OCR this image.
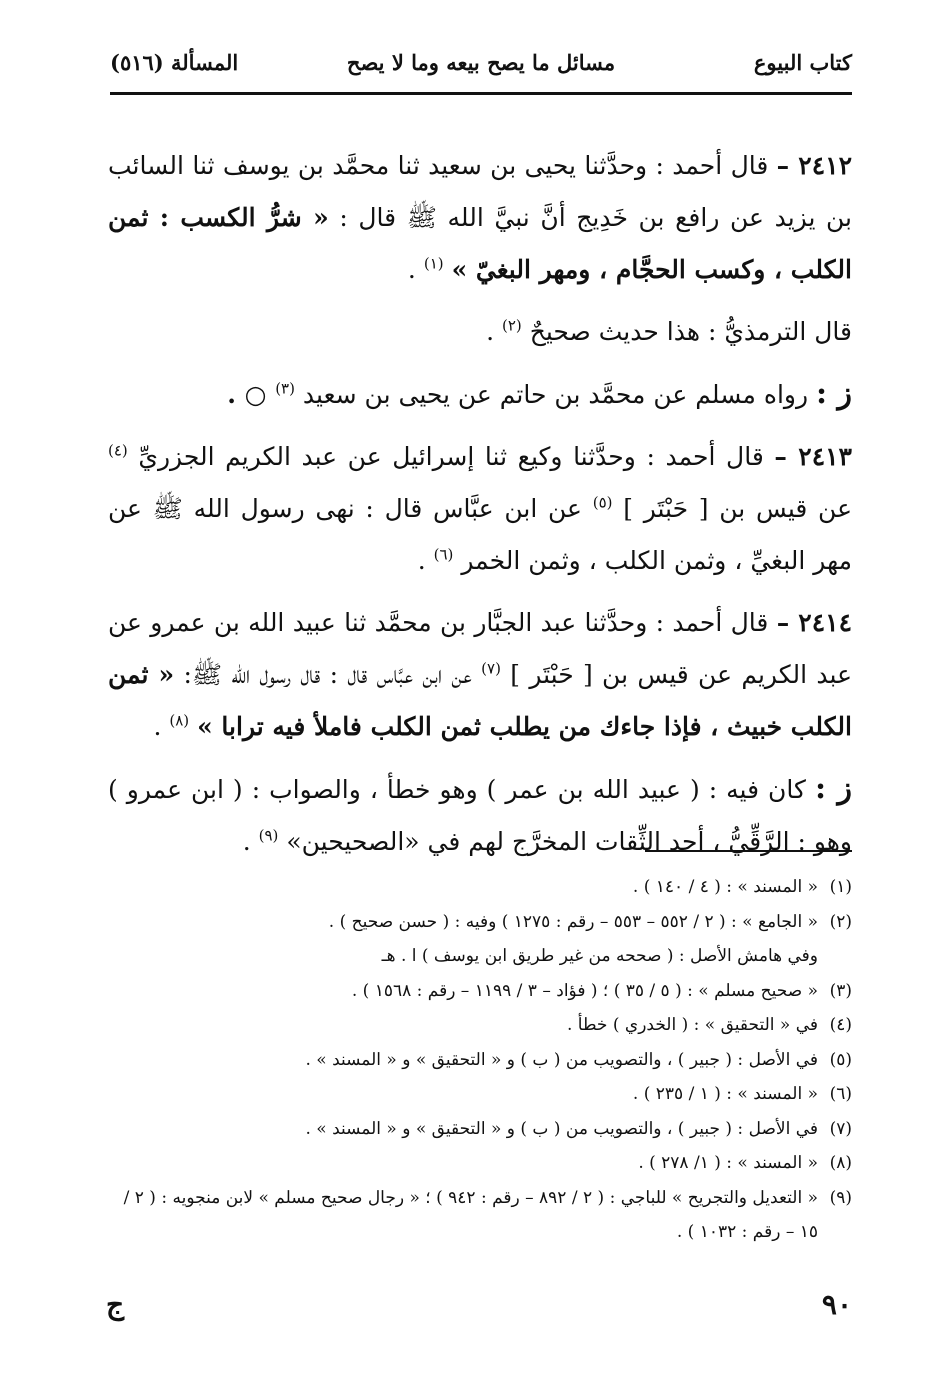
كتاب البيوع
مسائل ما يصح بيعه وما لا يصح
المسألة (٥١٦)

٢٤١٢ – قال أحمد : وحدَّثنا يحيى بن سعيد ثنا محمَّد بن يوسف ثنا السائب بن يزيد عن رافع بن خَدِيج أنَّ نبيَّ الله ﷺ قال : « شرُّ الكسب : ثمن الكلب ، وكسب الحجَّام ، ومهر البغيّ » $^{(١)}$ .

قال الترمذيُّ : هذا حديث صحيحٌ $^{(٢)}$ .

ز : رواه مسلم عن محمَّد بن حاتم عن يحيى بن سعيد $^{(٣)}$ ○ .

٢٤١٣ – قال أحمد : وحدَّثنا وكيع ثنا إسرائيل عن عبد الكريم الجزريِّ $^{(٤)}$ عن قيس بن [ حَبْتَر ] $^{(٥)}$ عن ابن عبَّاس قال : نهى رسول الله ﷺ عن مهر البغيِّ ، وثمن الكلب ، وثمن الخمر $^{(٦)}$ .

٢٤١٤ – قال أحمد : وحدَّثنا عبد الجبَّار بن محمَّد ثنا عبيد الله بن عمرو عن عبد الكريم عن قيس بن [ حَبْتَر ] $^{(٧)}$ عن ابن عبَّاس قال : قال رسول الله ﷺ: « ثمن الكلب خبيث ، فإذا جاءك من يطلب ثمن الكلب فاملأ فيه ترابا » $^{(٨)}$ .

ز : كان فيه : ( عبيد الله بن عمر ) وهو خطأ ، والصواب : ( ابن عمرو ) وهو : الرَّقِّيُّ ، أحد الثِّقات المخرَّج لهم في «الصحيحين» $^{(٩)}$ .

(١)
« المسند » : ( ٤ / ١٤٠ ) .

(٢)
« الجامع » : ( ٢ / ٥٥٢ – ٥٥٣ – رقم : ١٢٧٥ ) وفيه : ( حسن صحيح ) .

وفي هامش الأصل : ( صححه من غير طريق ابن يوسف ) ا . هـ

(٣)
« صحيح مسلم » : ( ٥ / ٣٥ ) ؛ ( فؤاد – ٣ / ١١٩٩ – رقم : ١٥٦٨ ) .

(٤)
في « التحقيق » : ( الخدري ) خطأ .

(٥)
في الأصل : ( جبير ) ، والتصويب من ( ب ) و « التحقيق » و « المسند » .

(٦)
« المسند » : ( ١ / ٢٣٥ ) .

(٧)
في الأصل : ( جبير ) ، والتصويب من ( ب ) و « التحقيق » و « المسند » .

(٨)
« المسند » : ( ١/ ٢٧٨ ) .

(٩)
« التعديل والتجريح » للباجي : ( ٢ / ٨٩٢ – رقم : ٩٤٢ ) ؛ « رجال صحيح مسلم » لابن منجويه : ( ٢ / ١٥ – رقم : ١٠٣٢ ) .

٩٠
ج
